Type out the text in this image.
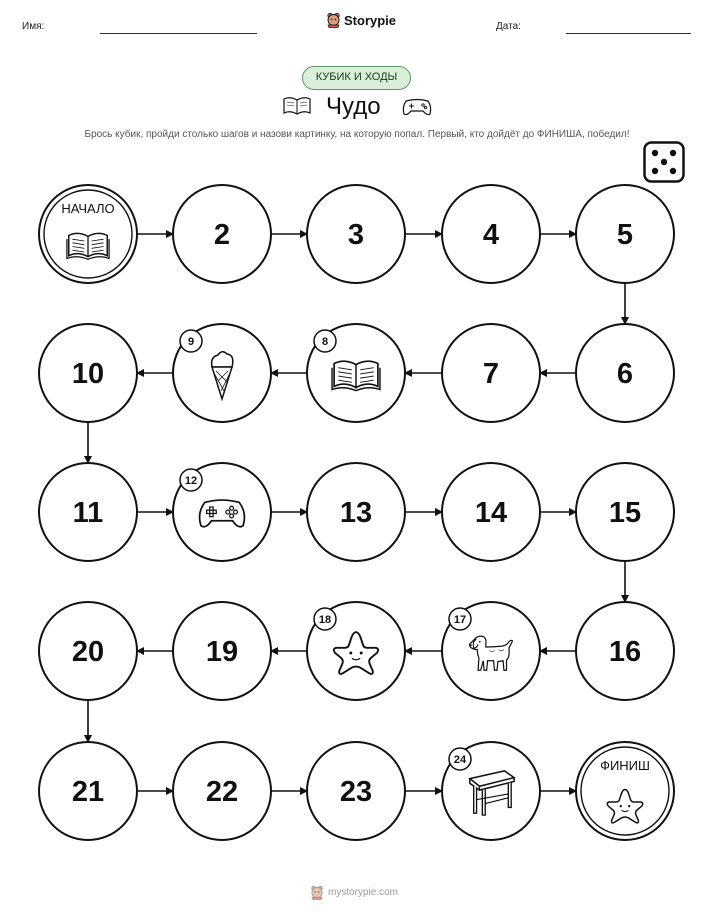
Имя:	Storypie	Дата:
КУБИК И ХОДЫ
Чудо
Брось кубик, пройди столько шагов и назови картинку, на которую попал. Первый, кто дойдёт до ФИНИША, победил!
НАЧАЛО
2	3	4	5
6
7
8
9
10
11
12
13	14	15
16
17
18
19
20
21	22	23
24	ФИНИШ
mystorypie.com
